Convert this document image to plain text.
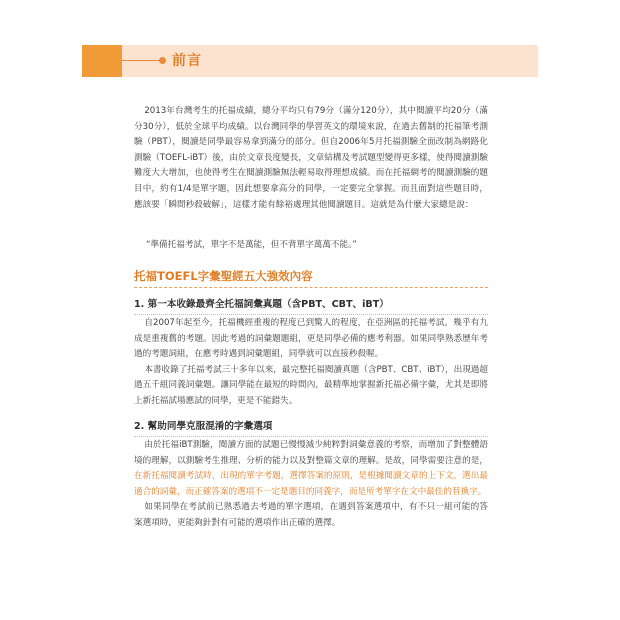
前言

2013年台灣考生的托福成績，總分平均只有79分（滿分120分），其中閱讀平均20分（滿分30分），低於全球平均成績。以台灣同學的學習英文的環境來說，在過去舊制的托福筆考測驗（PBT），閱讀是同學最容易拿到滿分的部分。但自2006年5月托福測驗全面改制為網路化測驗（TOEFL-iBT）後，由於文章長度變長，文章結構及考試題型變得更多樣，使得閱讀測驗難度大大增加，也使得考生在閱讀測驗無法輕易取得理想成績。而在托福網考的閱讀測驗的題目中，約有1/4是單字題，因此想要拿高分的同學，一定要完全掌握。而且面對這些題目時，應該要「瞬間秒殺破解」，這樣才能有餘裕處理其他閱讀題目。這就是為什麼大家總是說：

“準備托福考試，單字不是萬能，但不背單字萬萬不能。”

托福TOEFL字彙聖經五大強效內容

1. 第一本收錄最齊全托福詞彙真題（含PBT、CBT、iBT）

自2007年起至今，托福機經重複的程度已到驚人的程度，在亞洲區的托福考試，幾乎有九成是重複舊的考題。因此考過的詞彙題題組，更是同學必備的應考利器。如果同學熟悉歷年考過的考題詞組，在應考時遇到詞彙題組，同學就可以直接秒殺喔。

本書收錄了托福考試三十多年以來，最完整托福閱讀真題（含PBT、CBT、iBT），出現過超過五千組同義詞彙題。讓同學能在最短的時間內，最精準地掌握新托福必備字彙，尤其是即將上新托福試場應試的同學，更是不能錯失。

2. 幫助同學克服混淆的字彙選項

由於托福iBT測驗，閱讀方面的試題已慢慢減少純粹對詞彙意義的考察，而增加了對整體語境的理解，以測驗考生推理、分析的能力以及對整篇文章的理解。是故，同學需要注意的是，在新托福閱讀考試時，出現的單字考題，選擇答案的原則，是根據閱讀文章的上下文，選出最適合的詞彙，而正確答案的選項不一定是題目的同義字，而是所考單字在文中最佳的替換字。

如果同學在考試前已熟悉過去考過的單字選項，在遇到答案選項中，有不只一組可能的答案選項時，更能夠針對有可能的選項作出正確的選擇。
